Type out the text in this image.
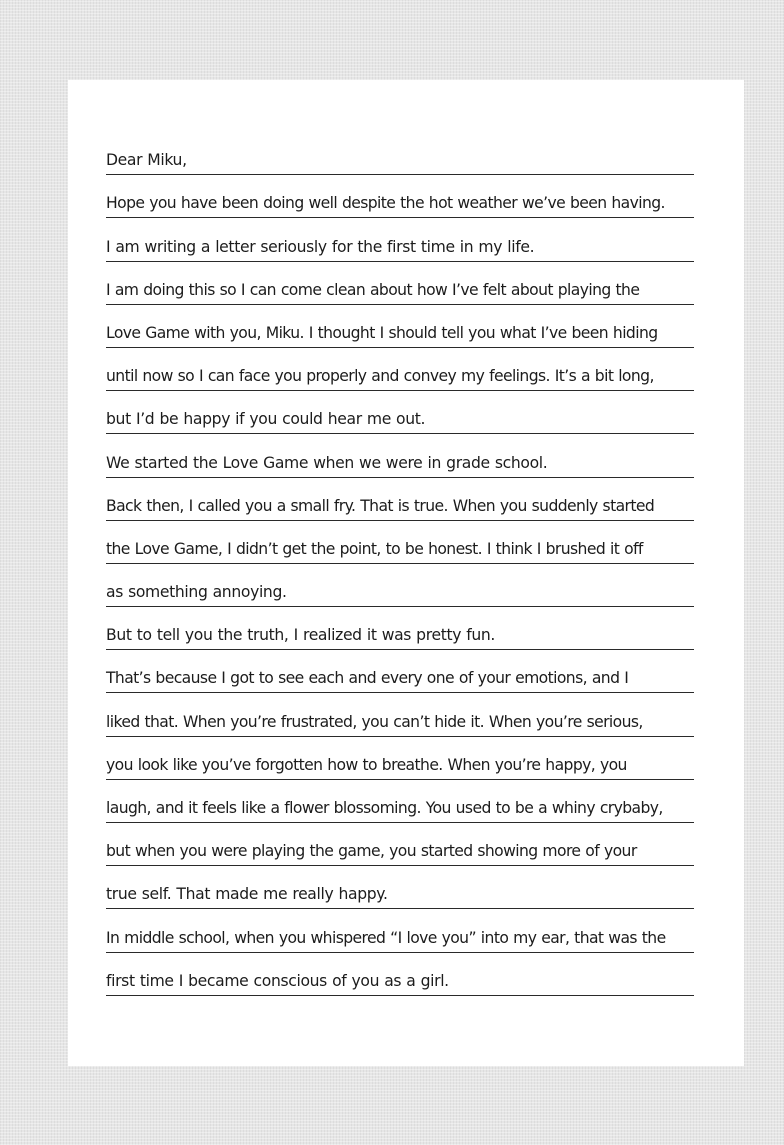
Dear Miku,
Hope you have been doing well despite the hot weather we’ve been having.
I am writing a letter seriously for the first time in my life.
I am doing this so I can come clean about how I’ve felt about playing the
Love Game with you, Miku. I thought I should tell you what I’ve been hiding
until now so I can face you properly and convey my feelings. It’s a bit long,
but I’d be happy if you could hear me out.
We started the Love Game when we were in grade school.
Back then, I called you a small fry. That is true. When you suddenly started
the Love Game, I didn’t get the point, to be honest. I think I brushed it off
as something annoying.
But to tell you the truth, I realized it was pretty fun.
That’s because I got to see each and every one of your emotions, and I
liked that. When you’re frustrated, you can’t hide it. When you’re serious,
you look like you’ve forgotten how to breathe. When you’re happy, you
laugh, and it feels like a flower blossoming. You used to be a whiny crybaby,
but when you were playing the game, you started showing more of your
true self. That made me really happy.
In middle school, when you whispered “I love you” into my ear, that was the
first time I became conscious of you as a girl.
